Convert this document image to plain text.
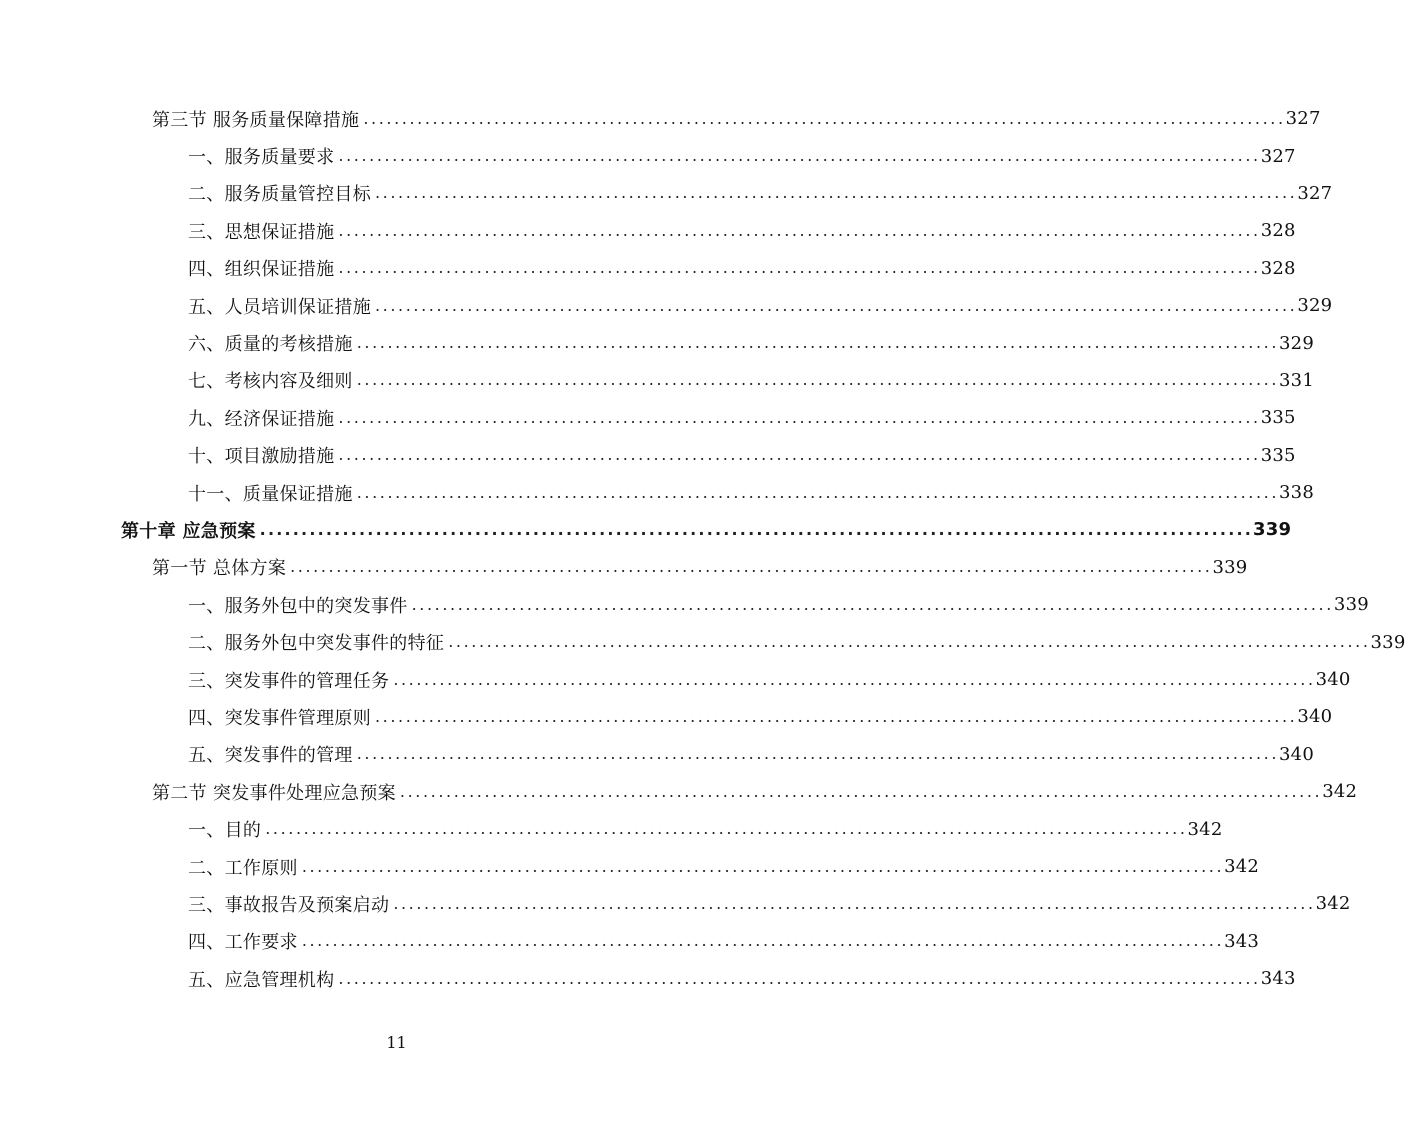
第三节 服务质量保障措施 ........................................................................................................................ 327
一、服务质量要求 ........................................................................................................................ 327
二、服务质量管控目标 ........................................................................................................................ 327
三、思想保证措施 ........................................................................................................................ 328
四、组织保证措施 ........................................................................................................................ 328
五、人员培训保证措施 ........................................................................................................................ 329
六、质量的考核措施 ........................................................................................................................ 329
七、考核内容及细则 ........................................................................................................................ 331
九、经济保证措施 ........................................................................................................................ 335
十、项目激励措施 ........................................................................................................................ 335
十一、质量保证措施 ........................................................................................................................ 338
第十章 应急预案 ........................................................................................................................ 339
第一节 总体方案 ........................................................................................................................ 339
一、服务外包中的突发事件 ........................................................................................................................ 339
二、服务外包中突发事件的特征 ........................................................................................................................ 339
三、突发事件的管理任务 ........................................................................................................................ 340
四、突发事件管理原则 ........................................................................................................................ 340
五、突发事件的管理 ........................................................................................................................ 340
第二节 突发事件处理应急预案 ........................................................................................................................ 342
一、目的 ........................................................................................................................ 342
二、工作原则 ........................................................................................................................ 342
三、事故报告及预案启动 ........................................................................................................................ 342
四、工作要求 ........................................................................................................................ 343
五、应急管理机构 ........................................................................................................................ 343
11
